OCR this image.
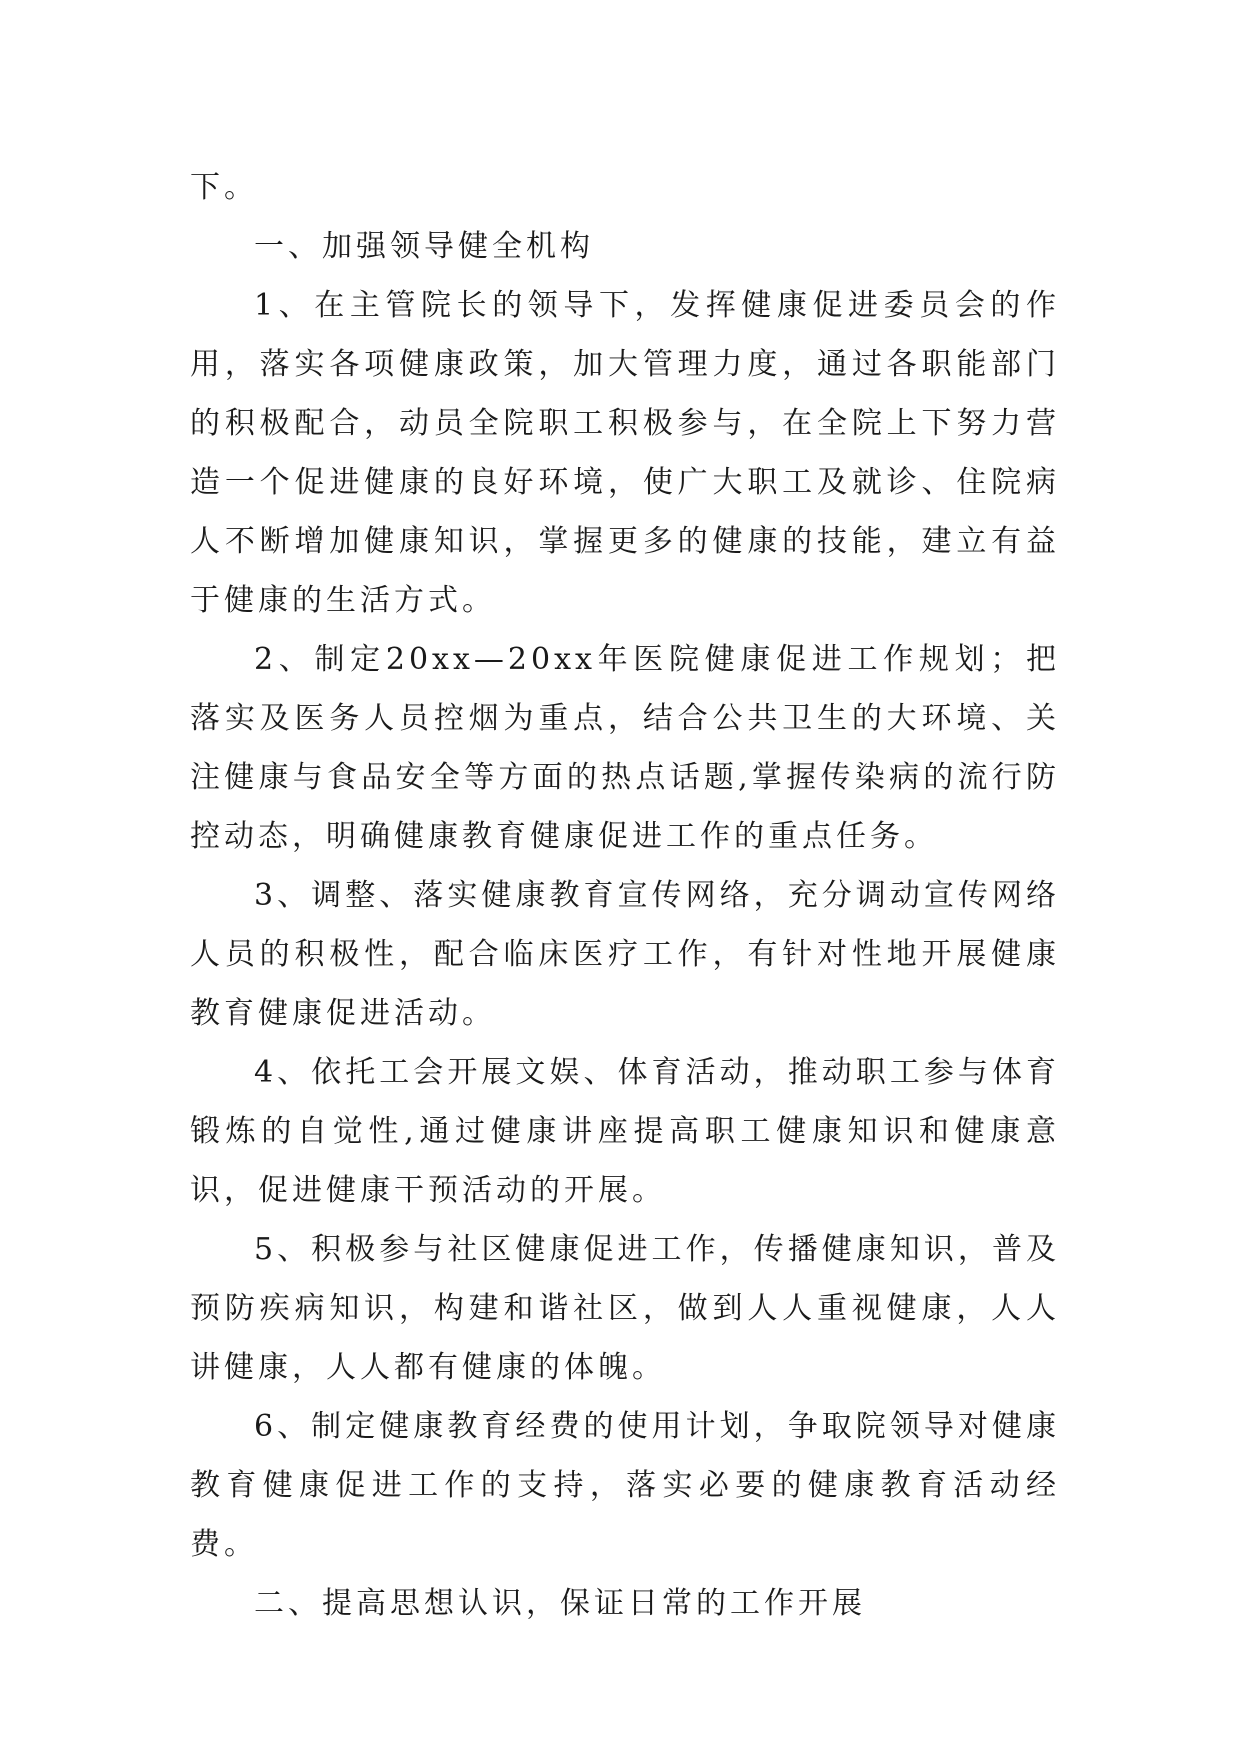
下。

一、加强领导健全机构

1、在主管院长的领导下，发挥健康促进委员会的作用，落实各项健康政策，加大管理力度，通过各职能部门的积极配合，动员全院职工积极参与，在全院上下努力营造一个促进健康的良好环境，使广大职工及就诊、住院病人不断增加健康知识，掌握更多的健康的技能，建立有益于健康的生活方式。

2、制定20xx—20xx年医院健康促进工作规划；把落实及医务人员控烟为重点，结合公共卫生的大环境、关注健康与食品安全等方面的热点话题,掌握传染病的流行防控动态，明确健康教育健康促进工作的重点任务。

3、调整、落实健康教育宣传网络，充分调动宣传网络人员的积极性，配合临床医疗工作，有针对性地开展健康教育健康促进活动。

4、依托工会开展文娱、体育活动，推动职工参与体育锻炼的自觉性,通过健康讲座提高职工健康知识和健康意识，促进健康干预活动的开展。

5、积极参与社区健康促进工作，传播健康知识，普及预防疾病知识，构建和谐社区，做到人人重视健康，人人讲健康，人人都有健康的体魄。

6、制定健康教育经费的使用计划，争取院领导对健康教育健康促进工作的支持，落实必要的健康教育活动经费。

二、提高思想认识，保证日常的工作开展
